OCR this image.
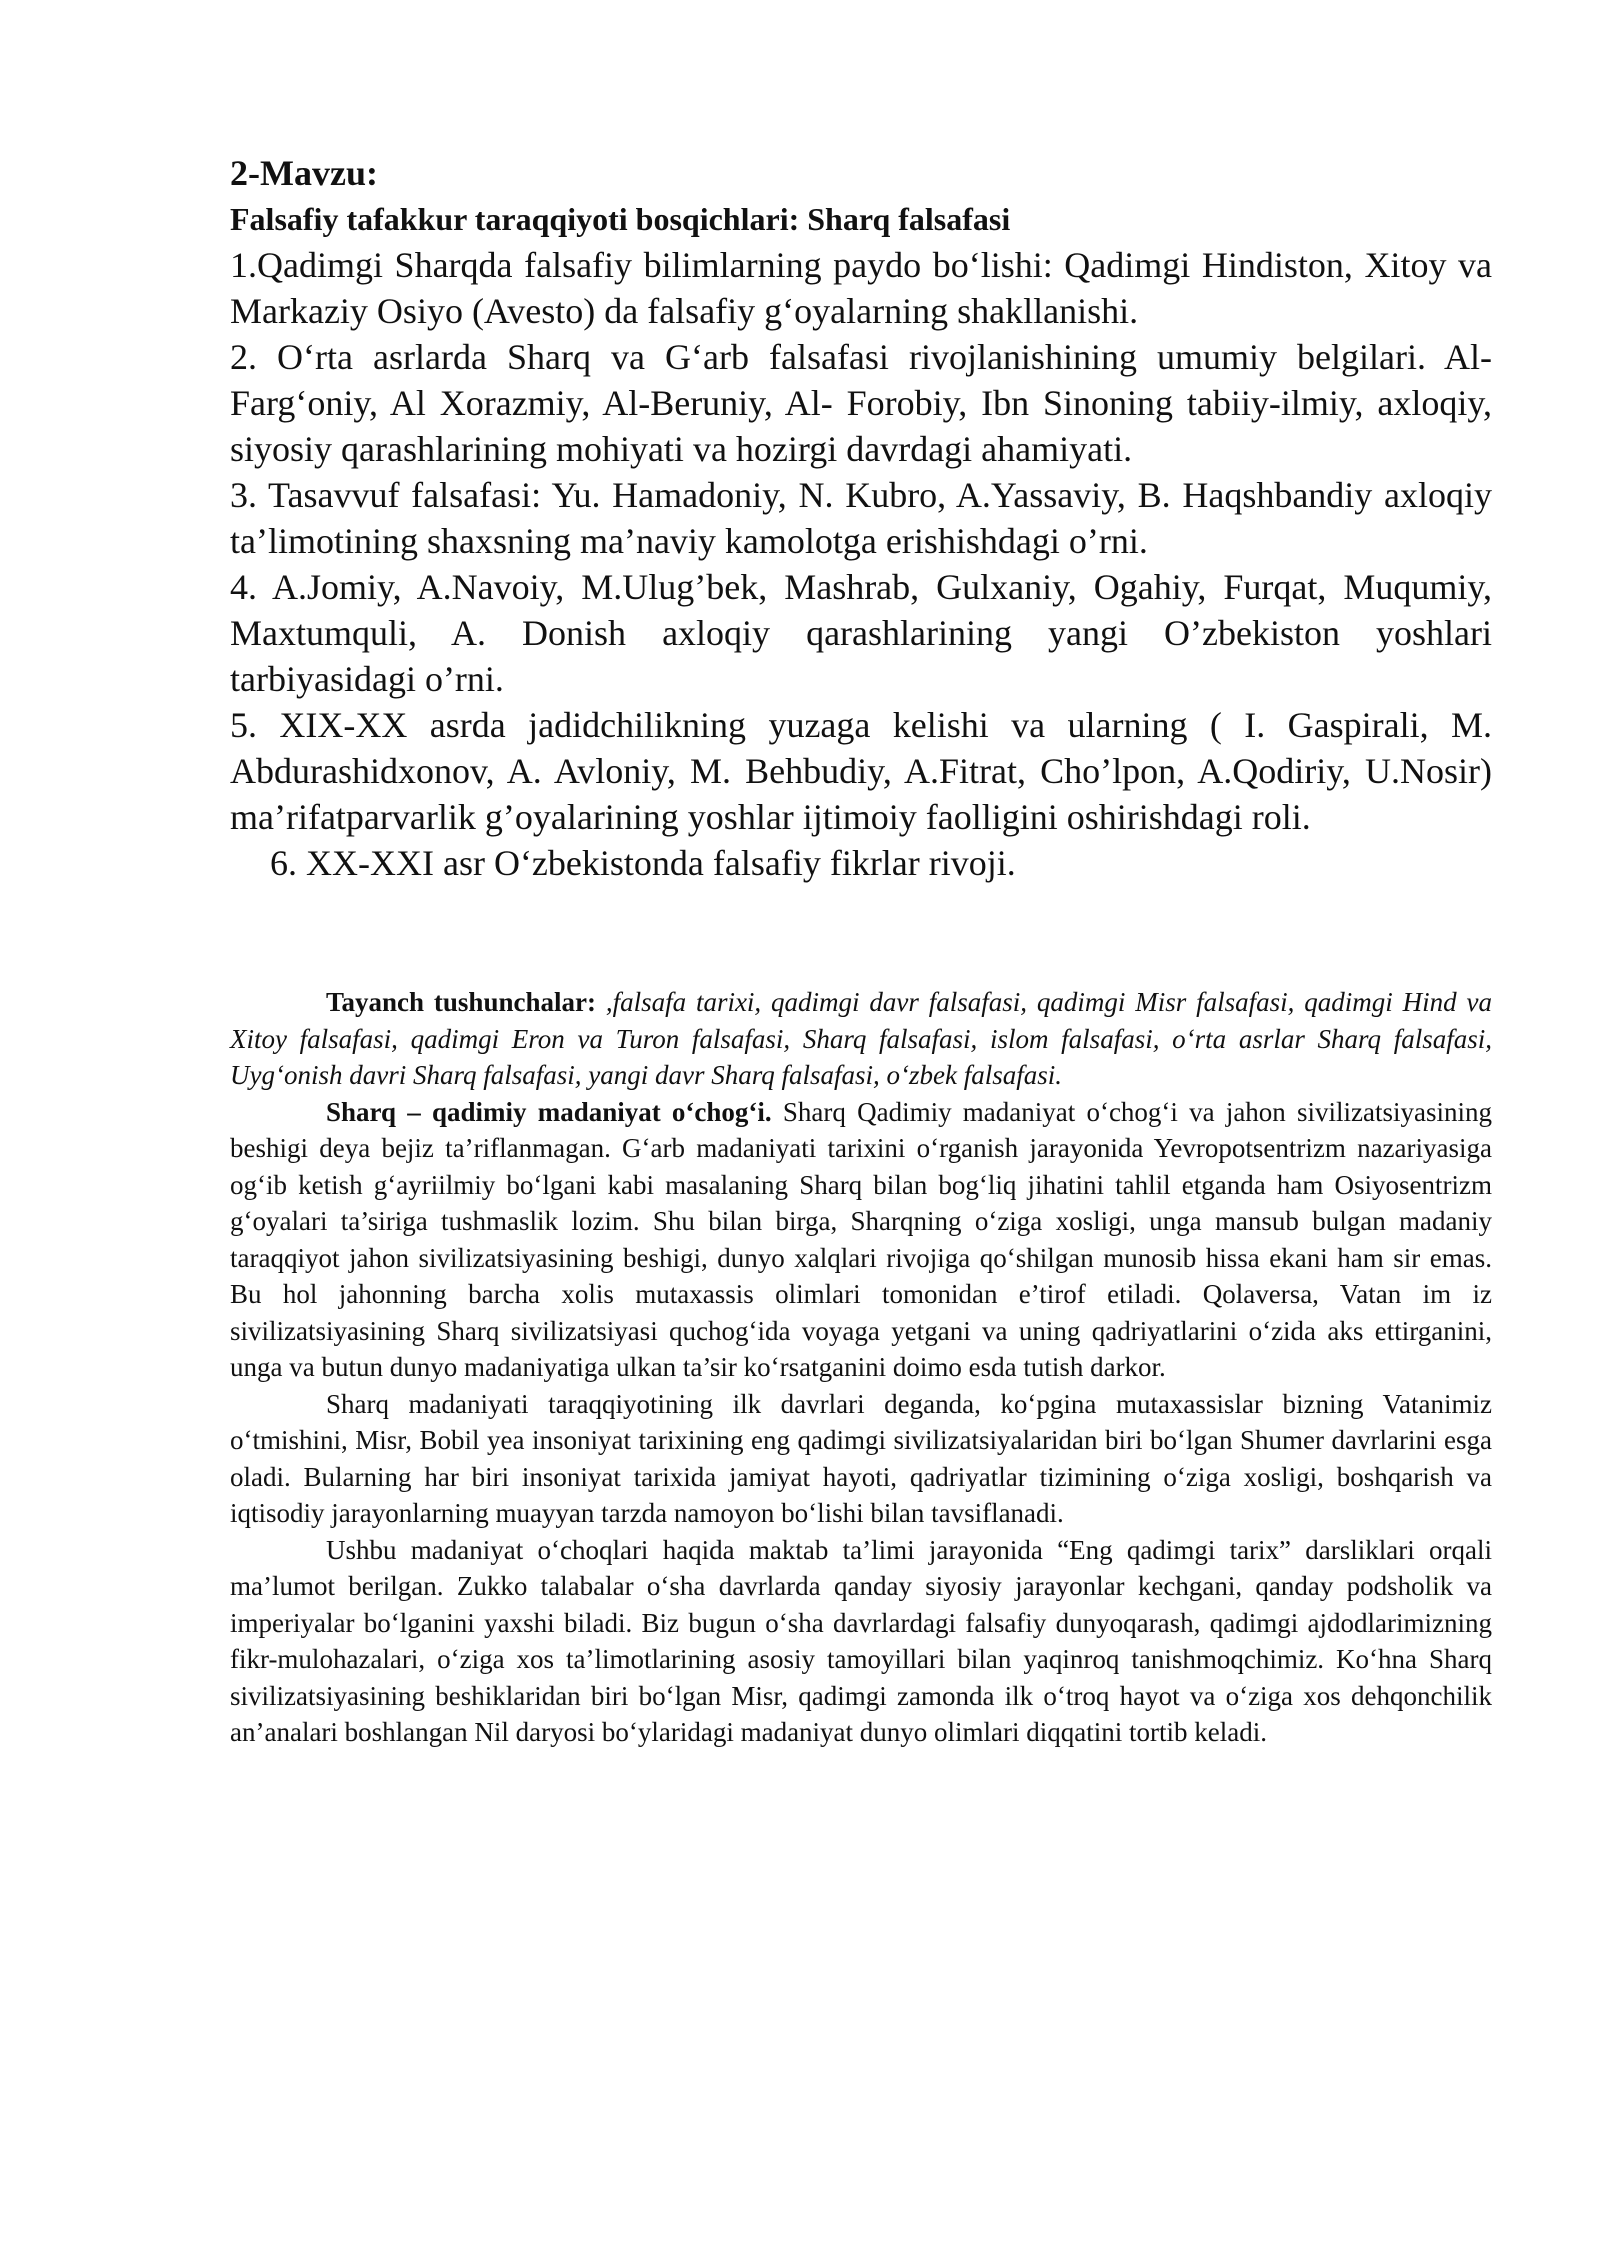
2-Mavzu:
Falsafiy tafakkur taraqqiyoti bosqichlari: Sharq falsafasi
1.Qadimgi Sharqda falsafiy bilimlarning paydo bo‘lishi: Qadimgi Hindiston, Xitoy va Markaziy Osiyo (Avesto) da falsafiy g‘oyalarning shakllanishi.
2. O‘rta asrlarda Sharq va G‘arb falsafasi rivojlanishining umumiy belgilari. Al-Farg‘oniy, Al Xorazmiy, Al-Beruniy, Al- Forobiy, Ibn Sinoning tabiiy-ilmiy, axloqiy, siyosiy qarashlarining mohiyati va hozirgi davrdagi ahamiyati.
3. Tasavvuf falsafasi: Yu. Hamadoniy, N. Kubro, A.Yassaviy, B. Haqshbandiy axloqiy ta’limotining shaxsning ma’naviy kamolotga erishishdagi o’rni.
4. A.Jomiy, A.Navoiy, M.Ulug’bek, Mashrab, Gulxaniy, Ogahiy, Furqat, Muqumiy, Maxtumquli, A. Donish axloqiy qarashlarining yangi O’zbekiston yoshlari tarbiyasidagi o’rni.
5. XIX-XX asrda jadidchilikning yuzaga kelishi va ularning ( I. Gaspirali, M. Abdurashidxonov, A. Avloniy, M. Behbudiy, A.Fitrat, Cho’lpon, A.Qodiriy, U.Nosir) ma’rifatparvarlik g’oyalarining yoshlar ijtimoiy faolligini oshirishdagi roli.
6. XX-XXI asr O‘zbekistonda falsafiy fikrlar rivoji.

Tayanch tushunchalar: ,falsafa tarixi, qadimgi davr falsafasi, qadimgi Misr falsafasi, qadimgi Hind va Xitoy falsafasi, qadimgi Eron va Turon falsafasi, Sharq falsafasi, islom falsafasi, o‘rta asrlar Sharq falsafasi, Uyg‘onish davri Sharq falsafasi, yangi davr Sharq falsafasi, o‘zbek falsafasi.

Sharq – qadimiy madaniyat o‘chog‘i. Sharq Qadimiy madaniyat o‘chog‘i va jahon sivilizatsiyasining beshigi deya bejiz ta’riflanmagan. G‘arb madaniyati tarixini o‘rganish jarayonida Yevropotsentrizm nazariyasiga og‘ib ketish g‘ayriilmiy bo‘lgani kabi masalaning Sharq bilan bog‘liq jihatini tahlil etganda ham Osiyosentrizm g‘oyalari ta’siriga tushmaslik lozim. Shu bilan birga, Sharqning o‘ziga xosligi, unga mansub bulgan madaniy taraqqiyot jahon sivilizatsiyasining beshigi, dunyo xalqlari rivojiga qo‘shilgan munosib hissa ekani ham sir emas. Bu hol jahonning barcha xolis mutaxassis olimlari tomonidan e’tirof etiladi. Qolaversa, Vatan im iz sivilizatsiyasining Sharq sivilizatsiyasi quchog‘ida voyaga yetgani va uning qadriyatlarini o‘zida aks ettirganini, unga va butun dunyo madaniyatiga ulkan ta’sir ko‘rsatganini doimo esda tutish darkor.

Sharq madaniyati taraqqiyotining ilk davrlari deganda, ko‘pgina mutaxassislar bizning Vatanimiz o‘tmishini, Misr, Bobil yea insoniyat tarixining eng qadimgi sivilizatsiyalaridan biri bo‘lgan Shumer davrlarini esga oladi. Bularning har biri insoniyat tarixida jamiyat hayoti, qadriyatlar tizimining o‘ziga xosligi, boshqarish va iqtisodiy jarayonlarning muayyan tarzda namoyon bo‘lishi bilan tavsiflanadi.

Ushbu madaniyat o‘choqlari haqida maktab ta’limi jarayonida “Eng qadimgi tarix” darsliklari orqali ma’lumot berilgan. Zukko talabalar o‘sha davrlarda qanday siyosiy jarayonlar kechgani, qanday podsholik va imperiyalar bo‘lganini yaxshi biladi. Biz bugun o‘sha davrlardagi falsafiy dunyoqarash, qadimgi ajdodlarimizning fikr-mulohazalari, o‘ziga xos ta’limotlarining asosiy tamoyillari bilan yaqinroq tanishmoqchimiz. Ko‘hna Sharq sivilizatsiyasining beshiklaridan biri bo‘lgan Misr, qadimgi zamonda ilk o‘troq hayot va o‘ziga xos dehqonchilik an’analari boshlangan Nil daryosi bo‘ylaridagi madaniyat dunyo olimlari diqqatini tortib keladi.
